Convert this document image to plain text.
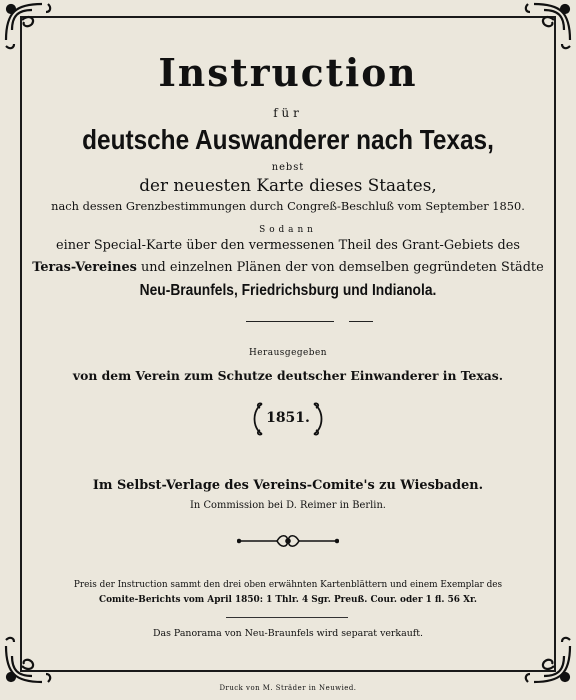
Instruction
für
deutsche Auswanderer nach Texas,
nebst
der neuesten Karte dieses Staates,
nach dessen Grenzbestimmungen durch Congreß-Beschluß vom September 1850.
Sodann
einer Special-Karte über den vermessenen Theil des Grant-Gebiets des
Teras-Vereines und einzelnen Plänen der von demselben gegründeten Städte
Neu-Braunfels, Friedrichsburg und Indianola.
Herausgegeben
von dem Verein zum Schutze deutscher Einwanderer in Texas.
1851.
Im Selbst-Verlage des Vereins-Comite's zu Wiesbaden.
In Commission bei D. Reimer in Berlin.
Preis der Instruction sammt den drei oben erwähnten Kartenblättern und einem Exemplar des
Comite-Berichts vom April 1850: 1 Thlr. 4 Sgr. Preuß. Cour. oder 1 fl. 56 Xr.
Das Panorama von Neu-Braunfels wird separat verkauft.
Druck von M. Sträder in Neuwied.
